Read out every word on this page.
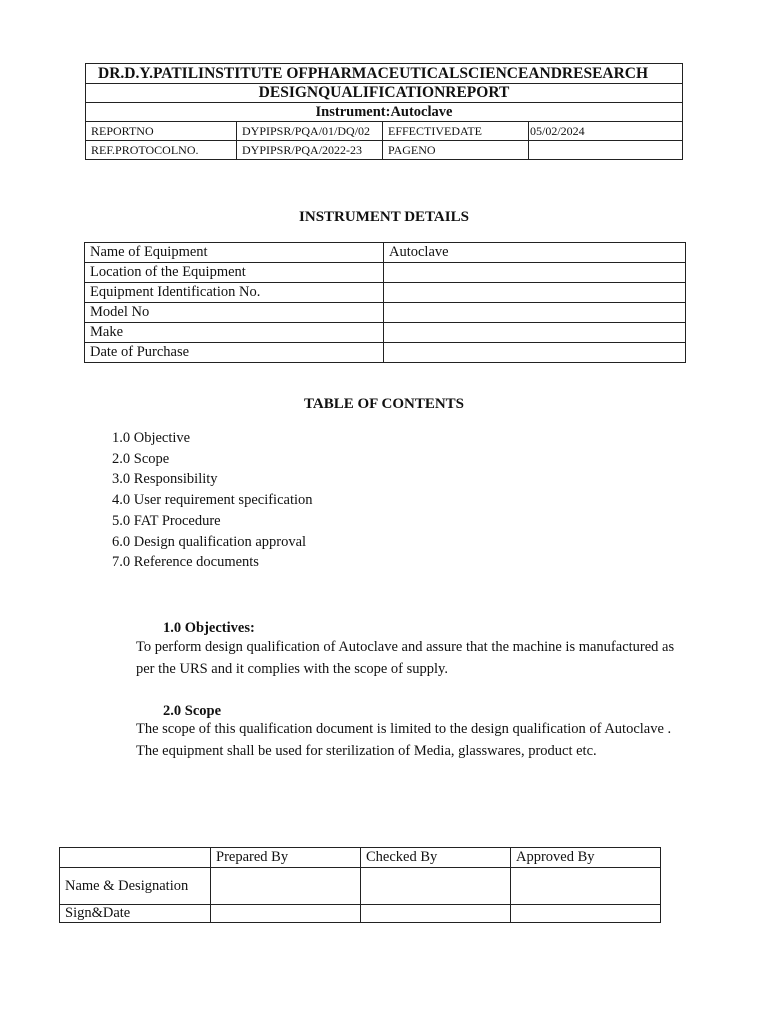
DR.D.Y.PATILINSTITUTE OFPHARMACEUTICALSCIENCEANDRESEARCH			
DESIGNQUALIFICATIONREPORT			
Instrument:Autoclave			
REPORTNO	DYPIPSR/PQA/01/DQ/02	EFFECTIVEDATE	05/02/2024
REF.PROTOCOLNO.	DYPIPSR/PQA/2022-23	PAGENO	
INSTRUMENT DETAILS
Name of Equipment	Autoclave
Location of the Equipment	
Equipment Identification No.	
Model No	
Make	
Date of Purchase	
TABLE OF CONTENTS
1.0 Objective
2.0 Scope
3.0 Responsibility
4.0 User requirement specification
5.0 FAT Procedure
6.0 Design qualification approval
7.0 Reference documents
1.0 Objectives:
To perform design qualification of Autoclave and assure that the machine is manufactured as per the URS and it complies with the scope of supply.
2.0 Scope
The scope of this qualification document is limited to the design qualification of Autoclave . The equipment shall be used for sterilization of Media, glasswares, product etc.
	Prepared By	Checked By	Approved By
Name & Designation			
Sign&Date			
